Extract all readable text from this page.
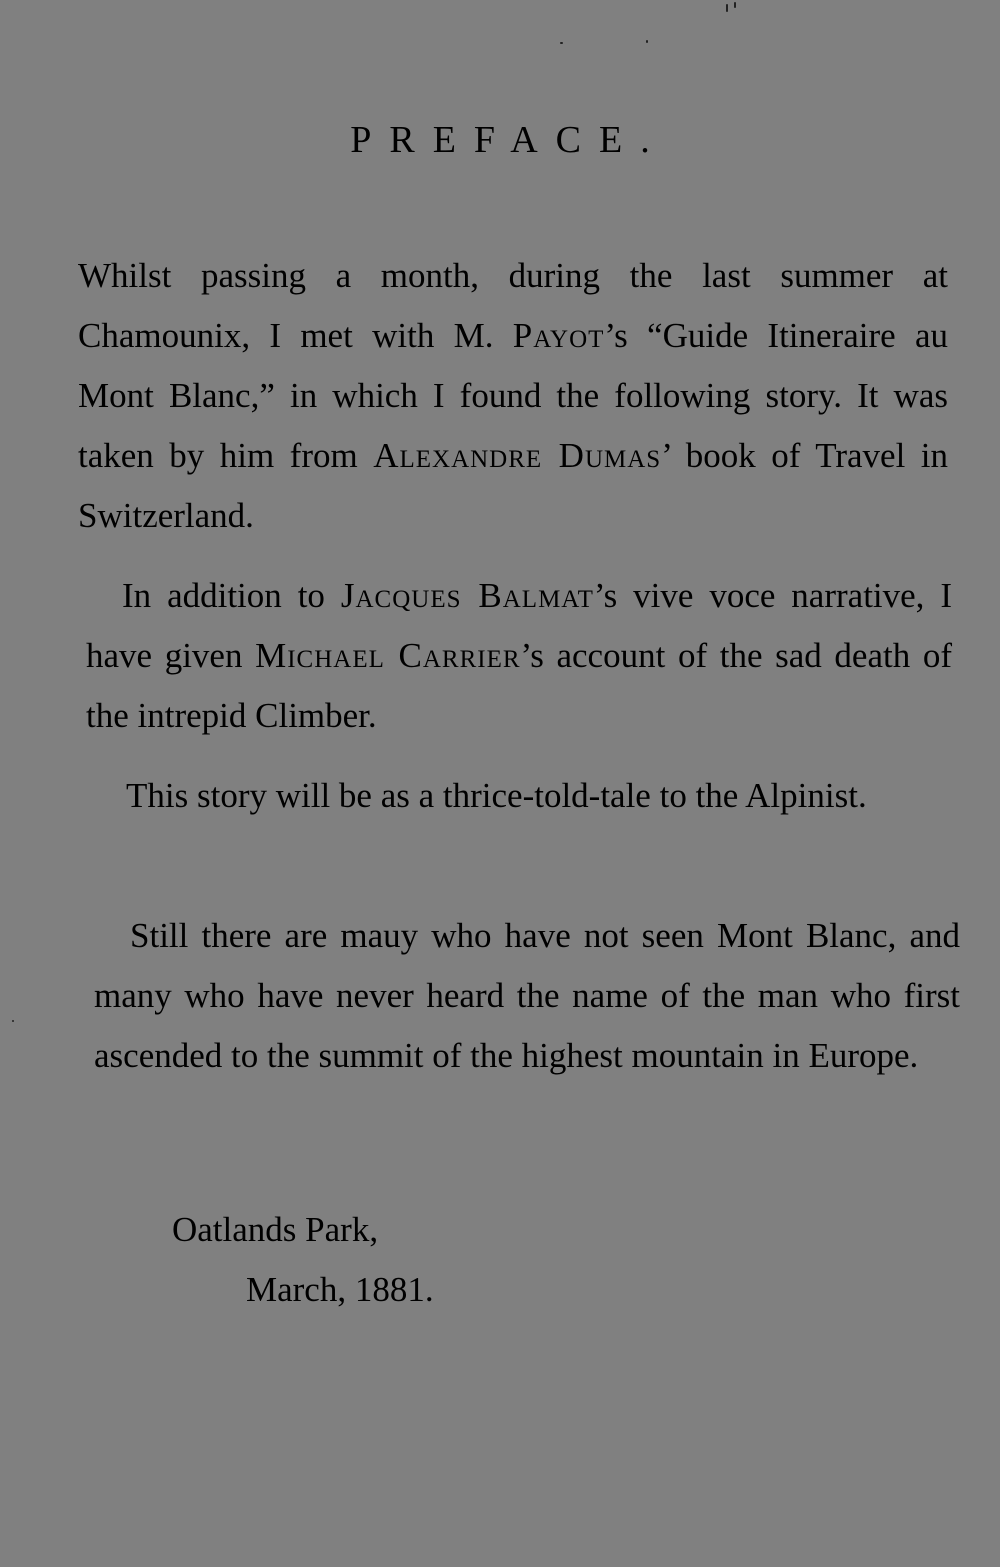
PREFACE.

Whilst passing a month, during the last summer at Chamounix, I met with M. Payot’s “Guide Itineraire au Mont Blanc,” in which I found the following story. It was taken by him from Alexandre Dumas’ book of Travel in Switzerland.

In addition to Jacques Balmat’s vive voce narrative, I have given Michael Carrier’s account of the sad death of the intrepid Climber.

This story will be as a thrice-told-tale to the Alpinist.

Still there are mauy who have not seen Mont Blanc, and many who have never heard the name of the man who first ascended to the summit of the highest mountain in Europe.

Oatlands Park,
March, 1881.
